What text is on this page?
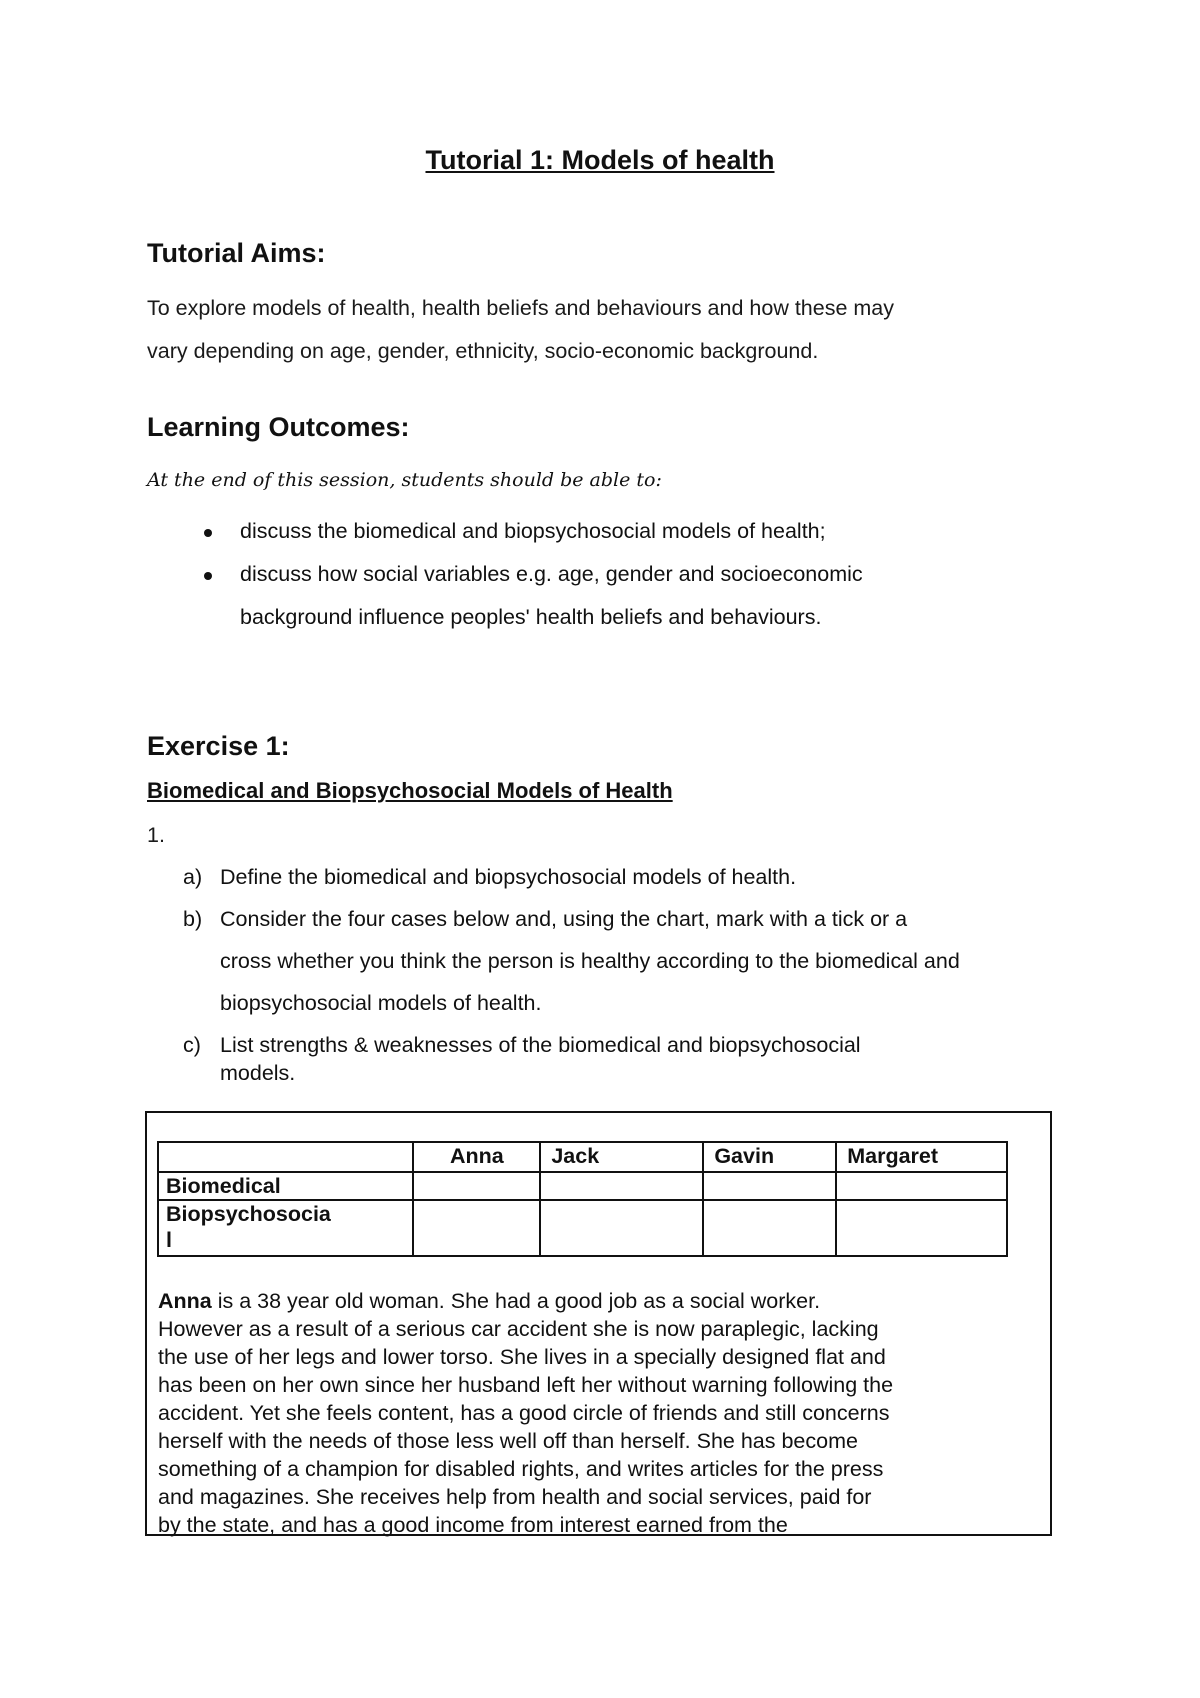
Tutorial 1: Models of health
Tutorial Aims:
To explore models of health, health beliefs and behaviours and how these may
vary depending on age, gender, ethnicity, socio-economic background.
Learning Outcomes:
At the end of this session, students should be able to:
discuss the biomedical and biopsychosocial models of health;
discuss how social variables e.g. age, gender and socioeconomic
background influence peoples' health beliefs and behaviours.
Exercise 1:
Biomedical and Biopsychosocial Models of Health
1.
a) Define the biomedical and biopsychosocial models of health.
b) Consider the four cases below and, using the chart, mark with a tick or a
cross whether you think the person is healthy according to the biomedical and
biopsychosocial models of health.
c) List strengths & weaknesses of the biomedical and biopsychosocial
models.
	Anna	Jack	Gavin	Margaret
Biomedical				

Biopsychosocia
l				

Anna is a 38 year old woman. She had a good job as a social worker.
However as a result of a serious car accident she is now paraplegic, lacking
the use of her legs and lower torso. She lives in a specially designed flat and
has been on her own since her husband left her without warning following the
accident. Yet she feels content, has a good circle of friends and still concerns
herself with the needs of those less well off than herself. She has become
something of a champion for disabled rights, and writes articles for the press
and magazines. She receives help from health and social services, paid for
by the state, and has a good income from interest earned from the
